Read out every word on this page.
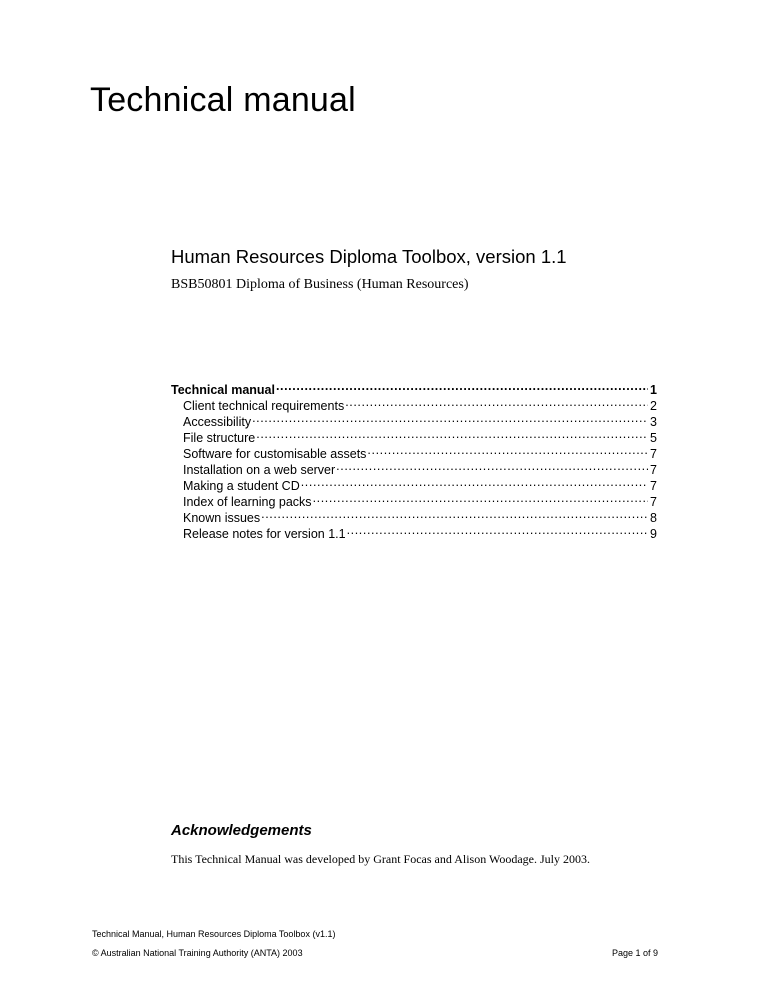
Technical manual
Human Resources Diploma Toolbox, version 1.1

BSB50801 Diploma of Business (Human Resources)

Technical manual .....	1
Client technical requirements .....	2
Accessibility .....	3
File structure .....	5
Software for customisable assets .....	7
Installation on a web server .....	7
Making a student CD .....	7
Index of learning packs .....	7
Known issues .....	8
Release notes for version 1.1 .....	9
Acknowledgements

This Technical Manual was developed by Grant Focas and Alison Woodage. July 2003.

Technical Manual, Human Resources Diploma Toolbox (v1.1)
© Australian National Training Authority (ANTA) 2003	Page 1 of 9
